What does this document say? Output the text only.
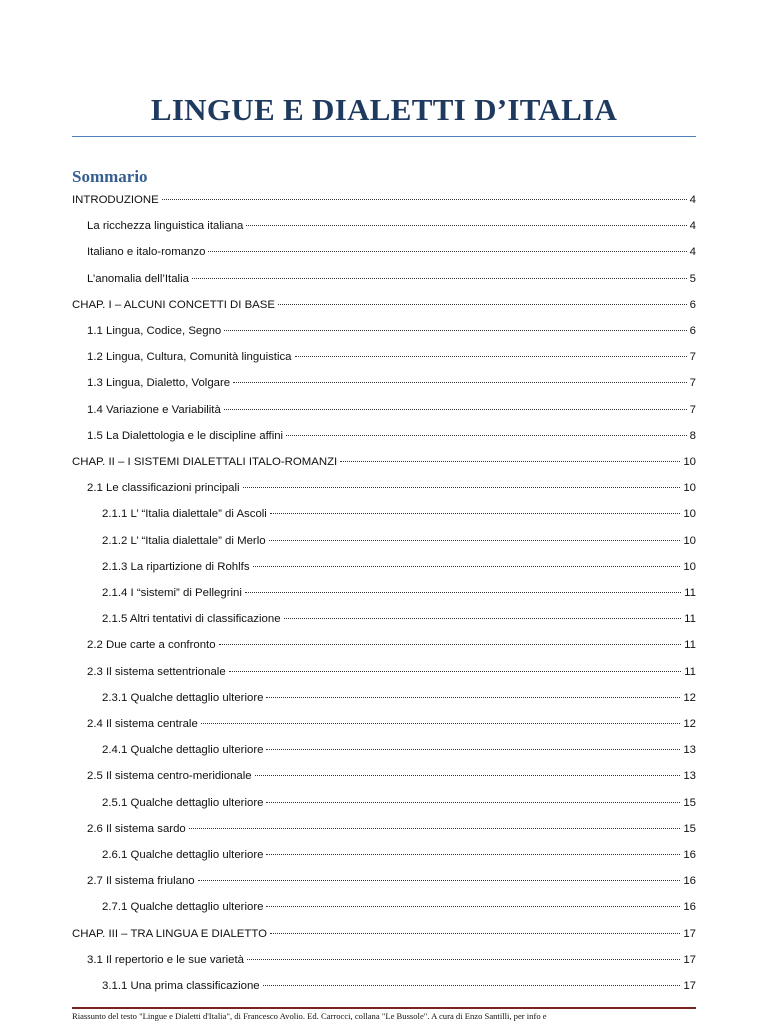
LINGUE E DIALETTI D’ITALIA
Sommario
INTRODUZIONE	4
La ricchezza linguistica italiana	4
Italiano e italo-romanzo	4
L’anomalia dell’Italia	5
CHAP. I – ALCUNI CONCETTI DI BASE	6
1.1 Lingua, Codice, Segno	6
1.2 Lingua, Cultura, Comunità linguistica	7
1.3 Lingua, Dialetto, Volgare	7
1.4 Variazione e Variabilità	7
1.5 La Dialettologia e le discipline affini	8
CHAP. II – I SISTEMI DIALETTALI ITALO-ROMANZI	10
2.1 Le classificazioni principali	10
2.1.1 L’ “Italia dialettale” di Ascoli	10
2.1.2 L’ “Italia dialettale” di Merlo	10
2.1.3 La ripartizione di Rohlfs	10
2.1.4 I “sistemi” di Pellegrini	11
2.1.5 Altri tentativi di classificazione	11
2.2 Due carte a confronto	11
2.3 Il sistema settentrionale	11
2.3.1 Qualche dettaglio ulteriore	12
2.4 Il sistema centrale	12
2.4.1 Qualche dettaglio ulteriore	13
2.5 Il sistema centro-meridionale	13
2.5.1 Qualche dettaglio ulteriore	15
2.6 Il sistema sardo	15
2.6.1 Qualche dettaglio ulteriore	16
2.7 Il sistema friulano	16
2.7.1 Qualche dettaglio ulteriore	16
CHAP. III – TRA LINGUA E DIALETTO	17
3.1 Il repertorio e le sue varietà	17
3.1.1 Una prima classificazione	17
Riassunto del testo "Lingue e Dialetti d'Italia", di Francesco Avolio. Ed. Carrocci, collana "Le Bussole". A cura di Enzo Santilli, per info e
